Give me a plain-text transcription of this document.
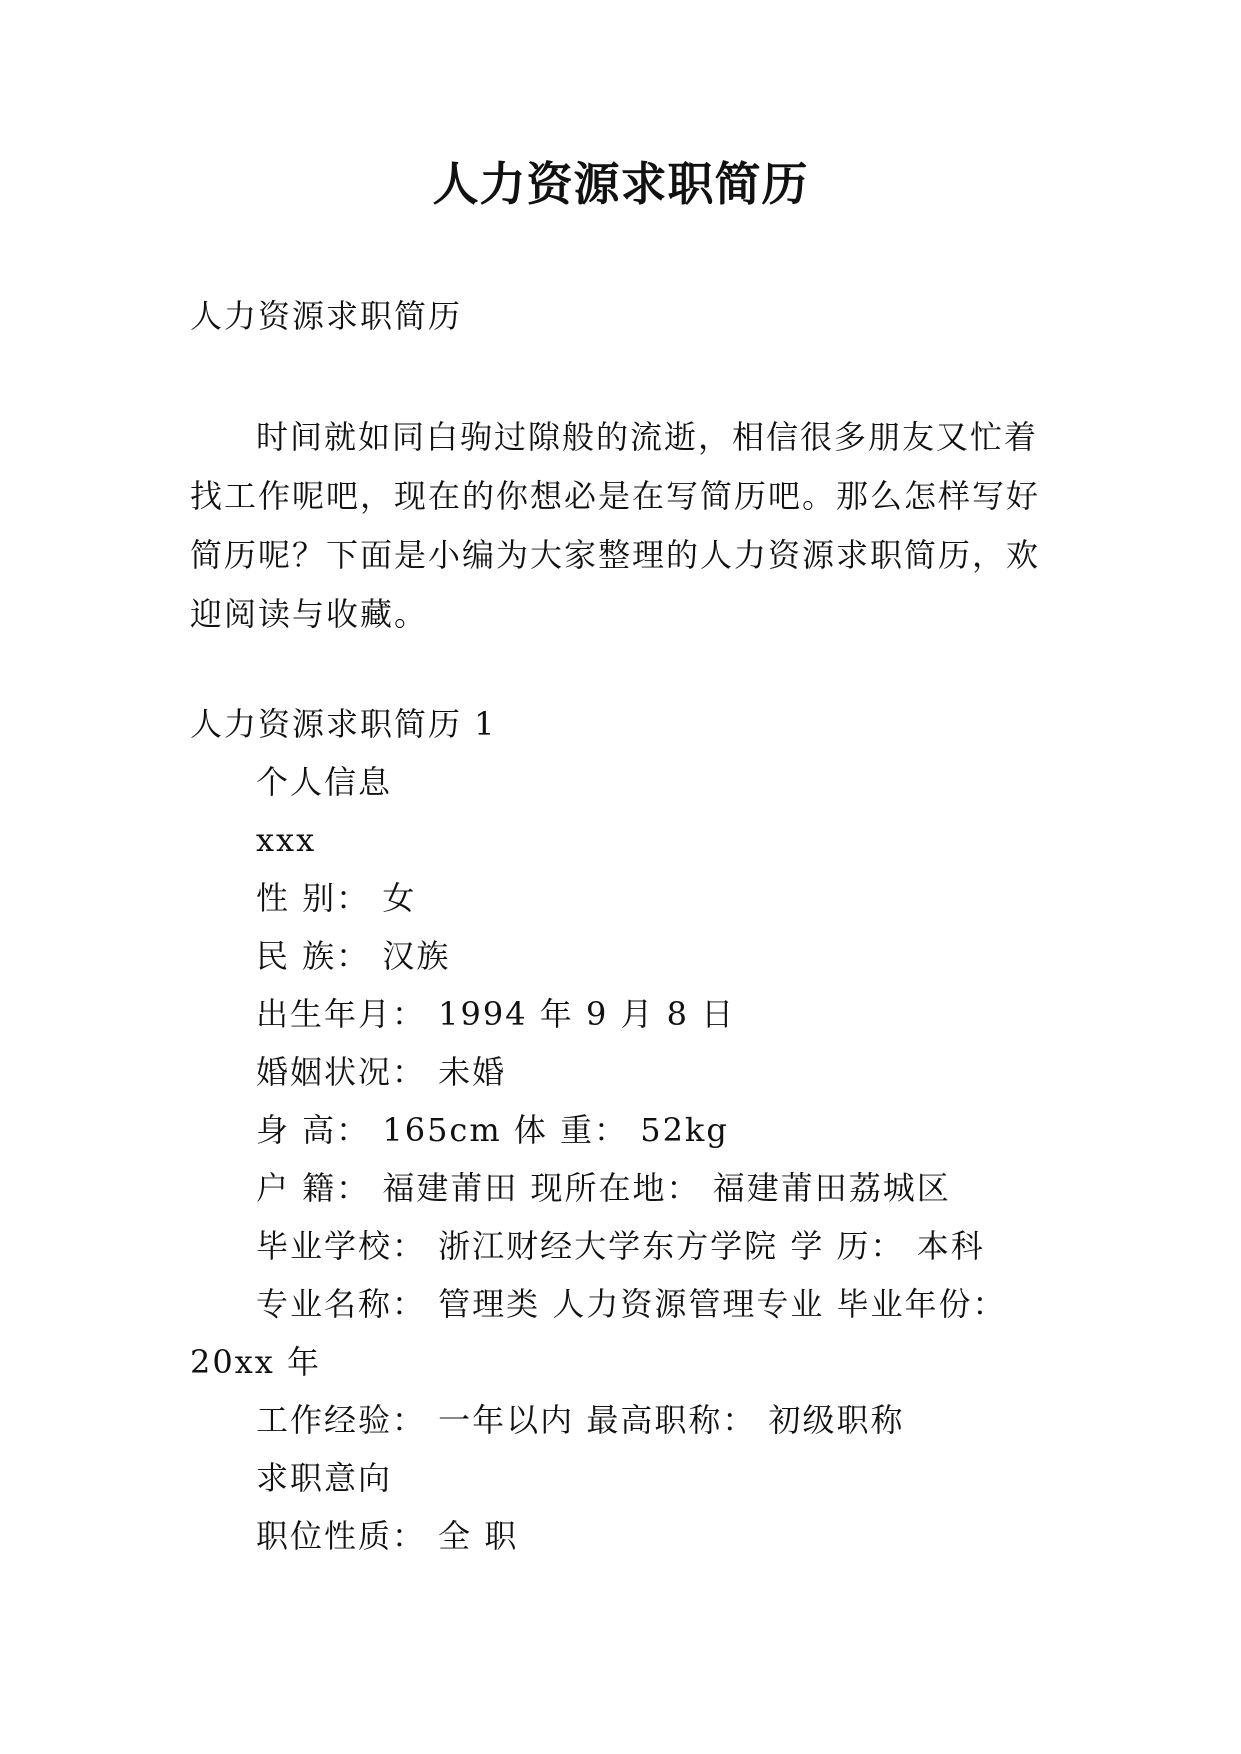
人力资源求职简历
人力资源求职简历
时间就如同白驹过隙般的流逝，相信很多朋友又忙着找工作呢吧，现在的你想必是在写简历吧。那么怎样写好简历呢？下面是小编为大家整理的人力资源求职简历，欢迎阅读与收藏。
人力资源求职简历 1
个人信息
xxx
性 别： 女
民 族： 汉族
出生年月： 1994 年 9 月 8 日
婚姻状况： 未婚
身 高： 165cm 体 重： 52kg
户 籍： 福建莆田 现所在地： 福建莆田荔城区
毕业学校： 浙江财经大学东方学院 学 历： 本科
专业名称： 管理类 人力资源管理专业 毕业年份：
20xx 年
工作经验： 一年以内 最高职称： 初级职称
求职意向
职位性质： 全 职
